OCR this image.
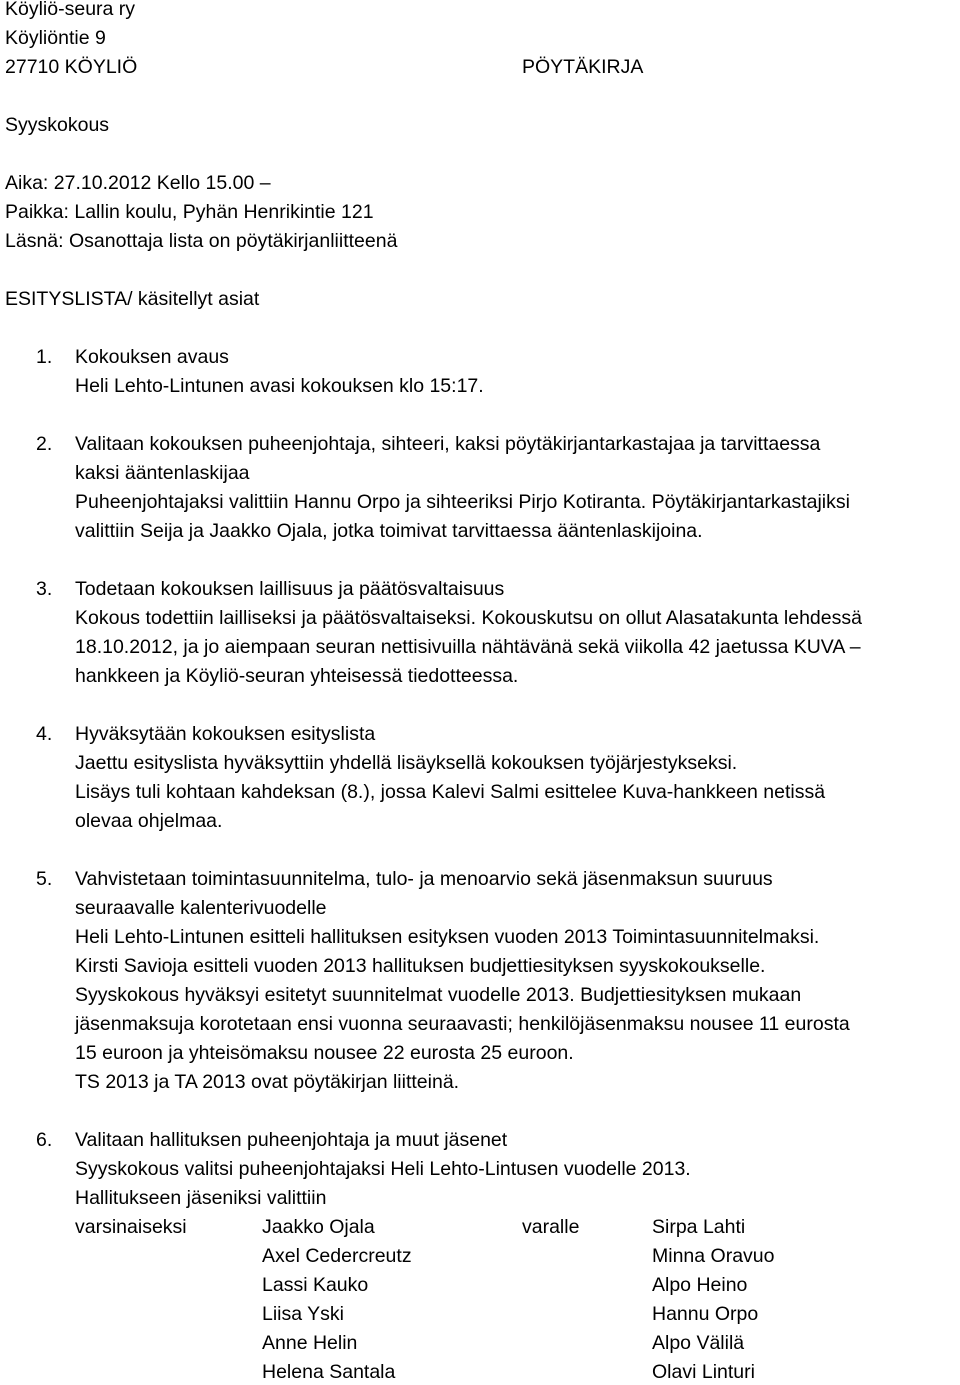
Köyliö-seura ry
Köyliöntie 9
27710 KÖYLIÖ	PÖYTÄKIRJA
Syyskokous
Aika: 27.10.2012 Kello 15.00 –
Paikka: Lallin koulu, Pyhän Henrikintie 121
Läsnä: Osanottaja lista on pöytäkirjanliitteenä
ESITYSLISTA/ käsitellyt asiat
1. Kokouksen avaus
Heli Lehto-Lintunen avasi kokouksen klo 15:17.
2. Valitaan kokouksen puheenjohtaja, sihteeri, kaksi pöytäkirjantarkastajaa ja tarvittaessa
kaksi ääntenlaskijaa
Puheenjohtajaksi valittiin Hannu Orpo ja sihteeriksi Pirjo Kotiranta. Pöytäkirjantarkastajiksi
valittiin Seija ja Jaakko Ojala, jotka toimivat tarvittaessa ääntenlaskijoina.
3. Todetaan kokouksen laillisuus ja päätösvaltaisuus
Kokous todettiin lailliseksi ja päätösvaltaiseksi. Kokouskutsu on ollut Alasatakunta lehdessä
18.10.2012, ja jo aiempaan seuran nettisivuilla nähtävänä sekä viikolla 42 jaetussa KUVA –
hankkeen ja Köyliö-seuran yhteisessä tiedotteessa.
4. Hyväksytään kokouksen esityslista
Jaettu esityslista hyväksyttiin yhdellä lisäyksellä kokouksen työjärjestykseksi.
Lisäys tuli kohtaan kahdeksan (8.), jossa Kalevi Salmi esittelee Kuva-hankkeen netissä
olevaa ohjelmaa.
5. Vahvistetaan toimintasuunnitelma, tulo- ja menoarvio sekä jäsenmaksun suuruus
seuraavalle kalenterivuodelle
Heli Lehto-Lintunen esitteli hallituksen esityksen vuoden 2013 Toimintasuunnitelmaksi.
Kirsti Savioja esitteli vuoden 2013 hallituksen budjettiesityksen syyskokoukselle.
Syyskokous hyväksyi esitetyt suunnitelmat vuodelle 2013. Budjettiesityksen mukaan
jäsenmaksuja korotetaan ensi vuonna seuraavasti; henkilöjäsenmaksu nousee 11 eurosta
15 euroon ja yhteisömaksu nousee 22 eurosta 25 euroon.
TS 2013 ja TA 2013 ovat pöytäkirjan liitteinä.
6. Valitaan hallituksen puheenjohtaja ja muut jäsenet
Syyskokous valitsi puheenjohtajaksi Heli Lehto-Lintusen vuodelle 2013.
Hallitukseen jäseniksi valittiin
varsinaiseksi	varalle
Jaakko Ojala
Axel Cedercreutz
Lassi Kauko
Liisa Yski
Anne Helin
Helena Santala
Sirpa Lahti
Minna Oravuo
Alpo Heino
Hannu Orpo
Alpo Välilä
Olavi Linturi
